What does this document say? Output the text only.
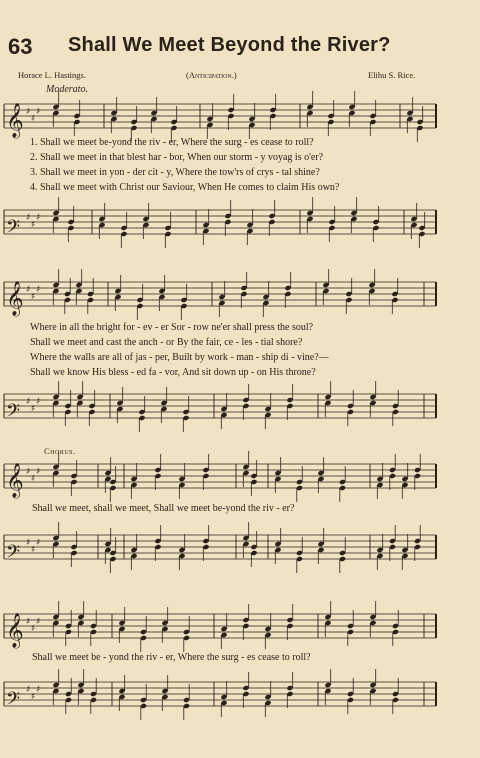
63 Shall We Meet Beyond the River?
Horace L. Hastings.	(Anticipation.)	Elihu S. Rice.
Moderato.
𝄞 ♯
♯
♯
1. Shall we meet be-yond the riv - er, Where the surg - es cease to roll?
2. Shall we meet in that blest har - bor, When our storm - y voyag is o'er?
3. Shall we meet in yon - der cit - y, Where the tow'rs of crys - tal shine?
4. Shall we meet with Christ our Saviour, When He comes to claim His own?
𝄢 ♯
♯
♯
𝄞 ♯
♯
♯
Where in all the bright for - ev - er Sor - row ne'er shall press the soul?
Shall we meet and cast the anch - or By the fair, ce - les - tial shore?
Where the walls are all of jas - per, Built by work - man - ship di - vine?—
Shall we know His bless - ed fa - vor, And sit down up - on His throne?
𝄢 ♯
♯
♯
Chorus.
𝄞 ♯
♯
♯
Shall we meet, shall we meet, Shall we meet be-yond the riv - er?
𝄢 ♯
♯
♯
𝄞 ♯
♯
♯
Shall we meet be - yond the riv - er, Where the surg - es cease to roll?
𝄢 ♯
♯
♯
